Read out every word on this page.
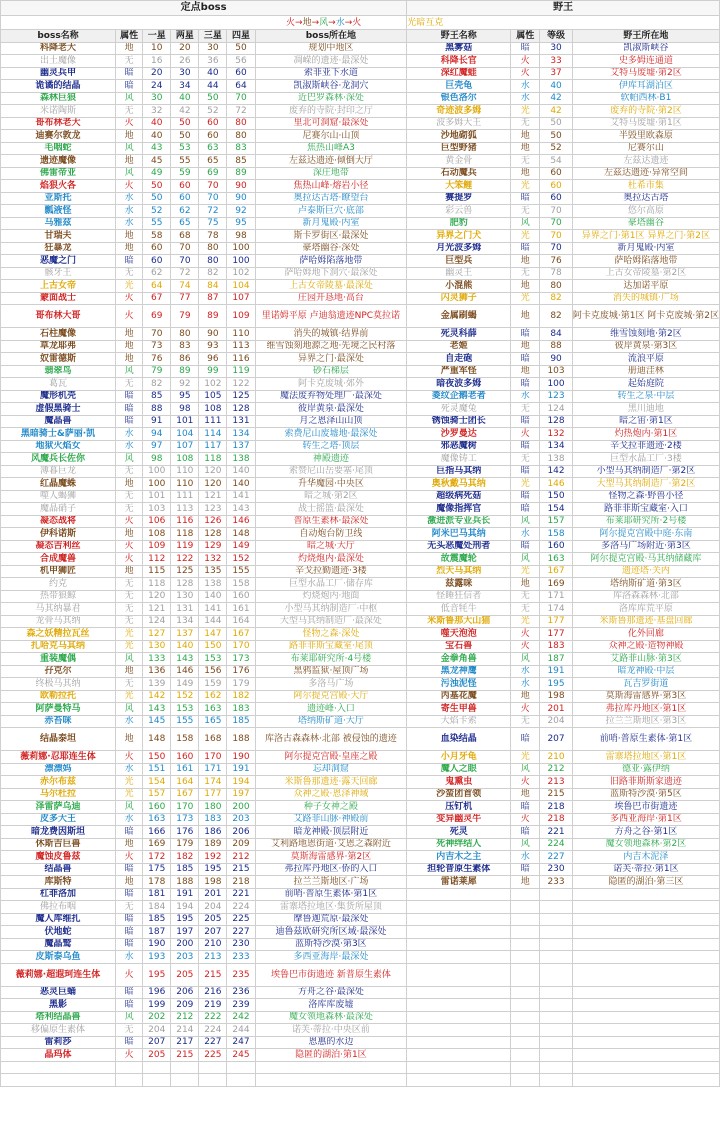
定点boss							野王			
火→地→风→水→火							光暗互克			
boss名称	属性	一星	两星	三星	四星	boss所在地	野王名称	属性	等级	野王所在地
科降老大	地	10	20	30	50	规划中地区	黑雾菇	暗	30	凯淑斯峡谷
出土魔像	无	16	26	36	56	凋嵘的遗迹·最深处	科降长官	火	33	史多姆连通道
幽灵兵甲	暗	20	30	40	60	索菲亚下水道	深红魔蛙	火	37	艾特马废墟·第2区
诡谲的结晶	暗	24	34	44	64	凯淑斯峡谷·龙洞穴	巨壳龟	水	40	伊库耳湖泊区
森林巨狼	风	30	40	50	70	近巴罗森林·深处	银色洛尔	水	42	软帕西林·B1
米诺陶斯	无	32	42	52	72	废弃的寺院·封印之厅	奇迹波多姆	光	42	废弃的寺院·第2区
哥布林老大	火	40	50	60	80	里北可洞窟·最深处	波多姆大王	无	50	艾特马废墟·第1区
迪赛尔敦龙	地	40	50	60	80	尼赛尔山·山顶	沙地砌狐	地	50	半毁里欧森原
毛咽蛇	风	43	53	63	83	焦热山峰A3	巨型野猪	地	52	尼赛尔山
遗迹魔像	地	45	55	65	85	左兹达遗迹·倾倒大厅	黄金骨	无	54	左兹达遗迹
佛雷帝亚	风	49	59	69	89	深庄地带	石动魔兵	地	60	左兹达遗迹·异常空间
焰狠火各	火	50	60	70	90	焦热山峰·熔岩小径	大笨鲤	光	60	杜希市集
亚斯托	水	50	60	70	90	奥拉达古塔·瞭望台	赛提罗	暗	60	奥拉达古塔
瓢液怪	水	52	62	72	92	卢泰斯巨穴·底部	彩云兽	无	70	悠尔高原
马雅兹	水	55	65	75	95	新月鬼殿·内室	肥豹	风	70	豪塔幽谷
甘瑞夫	地	58	68	78	98	斯卡罗街区·最深处	异界之门犬	光	70	异界之门·第1区 异界之门·第2区
狂暴龙	地	60	70	80	100	豪塔幽谷·深处	月光波多姆	暗	70	新月鬼殿·内室
恶魔之门	暗	60	70	80	100	萨哈姆陷落地带	巨型兵	地	76	萨哈姆陷落地带
骸牙王	无	62	72	82	102	萨哈姆地下洞穴·最深处	幽灵王	无	78	上古女帝陵墓·第2区
上古女帝	光	64	74	84	104	上古女帝陵墓·最深处	小混熊	地	80	达加诺平原
蒙面战士	火	67	77	87	107	庄园开恳地·高台	闪灵狮子	光	82	消失的城镇·广场
哥布林大哥	火	69	79	89	109	里诺姆平原 卢迪翁遗迹NPC莫拉诺	金属刷蝎	地	82	阿卡克废城·第1区 阿卡克废城·第2区
石柱魔像	地	70	80	90	110	消失的城镇·结界前	死灵科薛	暗	84	维雪蚀刻地·第2区
草龙耶弗	地	73	83	93	113	维雪蚀刻地源之地·先境之民村落	老姬	地	88	彼岸黄泉·第3区
奴雷德斯	地	76	86	96	116	异界之门·最深处	自走砲	暗	90	流浪平原
翡翠鸟	风	79	89	99	119	砂石梯层	严重军怪	地	103	册迪洼林
葛瓦	无	82	92	102	122	阿卡克废城·郊外	暗夜波多姆	暗	100	起始庭院
魔形机壳	暗	85	95	105	125	魔法废弃物处理厂·最深处	菱纹企鹅老者	水	123	转生之泉·中层
虚假黑骑士	暗	88	98	108	128	彼岸黄泉·最深处	死灵魔兔	无	124	黑川迪地
魔晶兽	暗	91	101	111	131	月之恩泽山山顶	锈蚀骑士团长	暗	128	暗之宙·第1区
黑暗骑士&萨丽·凯	水	94	104	114	134	索费尼山废墟地·最深处	沙罗曼达	火	132	灼热炮内·第1区
地狱火焰女	水	97	107	117	137	转生之塔·顶层	邪恶魔树	暗	134	辛戈拉菲遗迹·2楼
风魔兵长佐你	风	98	108	118	138	神殿遗迹	魔像铸工	无	138	巨型水晶工厂·3楼
薄暮巨龙	无	100	110	120	140	索赞尼山岳要塞·尾顶	巨指马其纳	暗	142	小型马其纳制造厂·第2区
红晶魔蛛	地	100	110	120	140	升华魔园·中央区	奥秋戴马其纳	光	146	大型马其纳制造厂·第2区
噬人蝎狮	无	101	111	121	141	暗之城·第2区	超级病死菇	暗	150	怪物之森·野兽小径
魔晶硝子	无	103	113	123	143	战士摇篮·最深处	魔像指挥官	暗	154	路菲菲斯宝藏室·入口
凝态战将	火	106	116	126	146	普原生素林·最深处	激进派专业兵长	风	157	布莱耶研究所·2号楼
伊科诺斯	地	108	118	128	148	自动炮台防卫线	阿米巴马其纳	水	158	阿尔提克宫殿中庭·东南
凝态吉利丝	火	109	119	129	149	暗之城·大厅	无头恶魔处刑者	暗	160	多洛马广场附近·第3区
合成魔兽	火	112	122	132	152	灼烧炮内·最深处	故震魔轮	风	163	阿尔提克宫殿·马其纳储藏库
机甲狮匠	地	115	125	135	155	辛戈拉勤遗迹·3楼	烈天马其纳	光	167	遗迹塔·关内
约克	无	118	128	138	158	巨型水晶工厂·储存库	兹露咪	地	169	塔纳斯矿道·第3区
热带狼鲸	无	120	130	140	160	灼烧炮内·地面	怪睡狂信者	无	171	库洛森森林·北部
马其纳暴君	无	121	131	141	161	小型马其纳制造厂·中枢	低音牦牛	无	174	洛库库荒平原
龙骨马其纳	无	124	134	144	164	大型马其纳制造厂·最深处	米斯鲁那大山猫	光	177	米斯鲁那遗迹·基盘回廊
森之妖精拉瓦丝	光	127	137	147	167	怪物之森·深处	噬天泡泡	火	177	化外回廊
扎哈克马其纳	光	130	140	150	170	路菲菲斯宝藏室·尾顶	宝石兽	火	183	众神之殿·造物神殿
重装魔偶	风	133	143	153	173	布莱耶研究所·4号楼	金拳角兽	风	187	艾路菲山脉·第3区
孖克尔	地	136	146	156	176	黑鸦监狱·屋顶广场	黑龙神鹰	水	191	暗龙神殿·中层
终极马其纳	无	139	149	159	179	多洛马广场	污浊泥怪	水	195	瓦吉罗街道
欧勒拉托	光	142	152	162	182	阿尔提克宫殿·大厅	丙基花魔	地	198	莫斯海雷感界·第3区
阿萨曼特马	风	143	153	163	183	遗迹峰·入口	寄生甲兽	火	201	弗拉库丹地区·第1区
赤苔咪	水	145	155	165	185	塔纳斯矿道·大厅	大焰卡索	无	204	拉兰兰斯地区·第3区
结晶泰坦	地	148	158	168	188	库洛古森森林·北部 被侵蚀的遗迹	血染结晶	暗	207	前哨·普原生素体·第1区
薇莉娜·忍耶连生体	火	150	160	170	190	阿尔提克宫殿·皇座之殿	小月牙龟	光	210	雷寨塔拉地区·第1区
漂漂妈	水	151	161	171	191	忘却洞窟	魔人之眼	风	212	德亚·露伊纳
赤尔布兹	光	154	164	174	194	米斯鲁那遗迹·露天回廊	鬼熏虫	火	213	旧路菲斯斯家遗迹
马尔杜拉	光	157	167	177	197	众神之殿·恩泽神域	沙蛮团首领	地	215	蓝斯特沙漠·第5区
泽雷萨乌迪	风	160	170	180	200	种子女神之殿	压钉机	暗	218	埃鲁巴市街遗迹
皮多大王	水	163	173	183	203	艾路菲山脉·神殿前	变异幽灵牛	火	218	多西亚海岸·第1区
暗龙费因斯坦	暗	166	176	186	206	暗龙神殿·顶层附近	死灵	暗	221	方舟之谷·第1区
休斯吉巨兽	地	169	179	189	209	艾利路地恩街道·艾恩之森附近	死神绊结人	风	224	魔女领地森林·第2区
魔蚀皮鲁兹	火	172	182	192	212	莫斯海雷感界·第2区	内吉木之主	水	227	内吉木泥泽
结晶兽	暗	175	185	195	215	弗拉库丹地区·侨的入口	担轮普原生素体	暗	230	诺芙·蒂拉·第1区
库斯特	地	178	188	198	218	拉兰兰斯地区·广场	雷诺莱犀	地	233	隐匿的湖泊·第三区
杠菲洛加	暗	181	191	201	221	前哨·普原生素体·第1区				
佛拉布咽	无	184	194	204	224	雷寨塔拉地区·集货所屋顶				
魔人库维扎	暗	185	195	205	225	摩鲁迦荒原·最深处				
伏地蛇	暗	187	197	207	227	迪鲁兹欧研究所区域·最深处				
魔晶鹫	暗	190	200	210	230	蓝斯特沙漠·第3区				
皮斯泰乌鱼	水	193	203	213	233	多西亚海岸·最深处				
薇莉娜·超遐珂连生体	火	195	205	215	235	埃鲁巴市街遗迹 新普原生素体				
恶灵巨蛹	暗	196	206	216	236	方舟之谷·最深处				
黑影	暗	199	209	219	239	洛库库废墟				
塔利结晶兽	风	202	212	222	242	魔女领地森林·最深处				
移偏原生素体	无	204	214	224	244	诺芙·蒂拉·中央区前				
雷莉莎	暗	207	217	227	247	恩惠的水边				
晶玛体	火	205	215	225	245	隐匿的湖泊·第1区				
